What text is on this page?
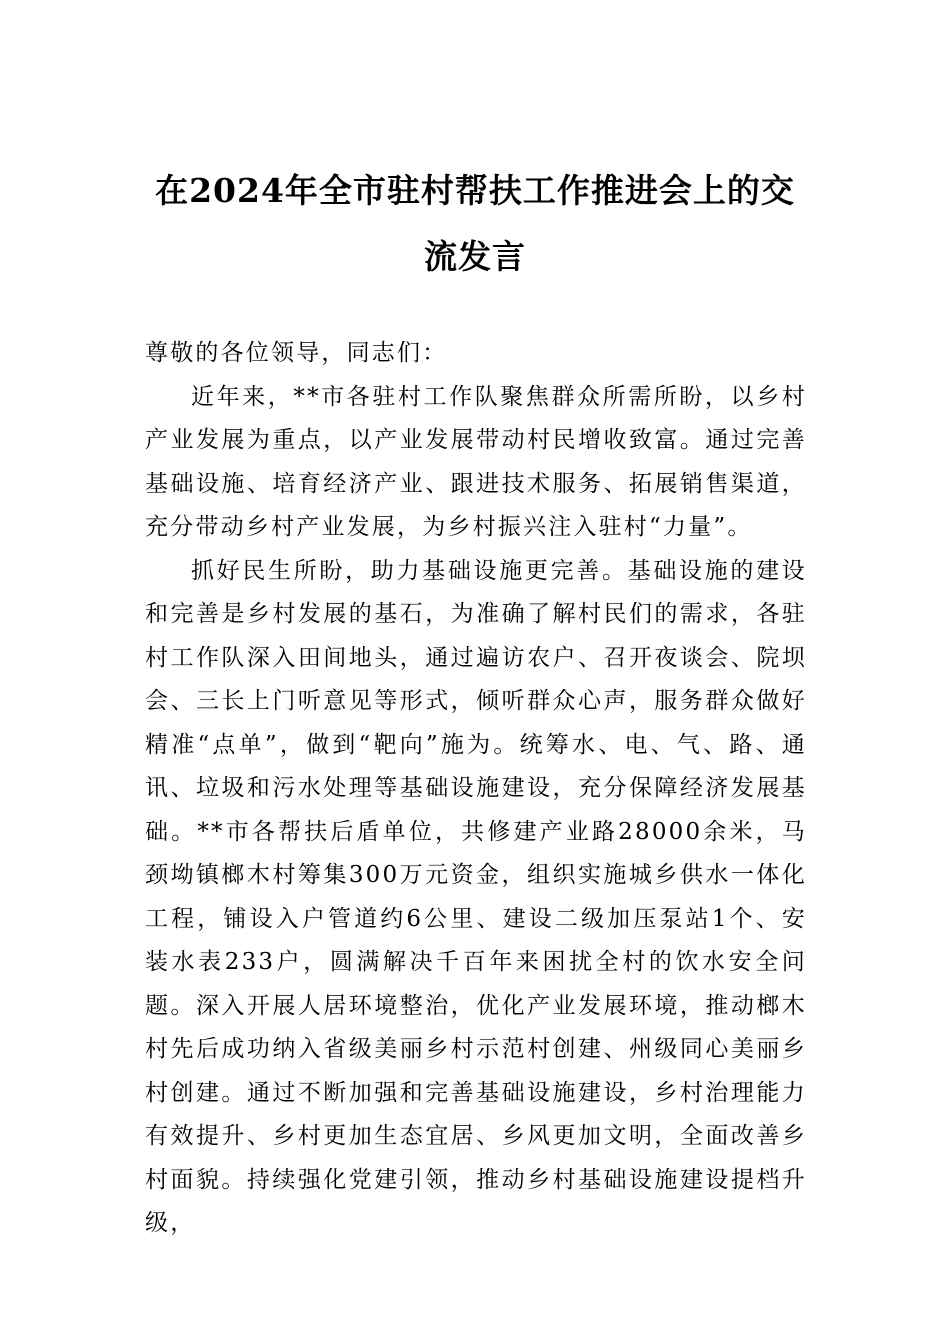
在2024年全市驻村帮扶工作推进会上的交流发言

尊敬的各位领导，同志们：

近年来，**市各驻村工作队聚焦群众所需所盼，以乡村产业发展为重点，以产业发展带动村民增收致富。通过完善基础设施、培育经济产业、跟进技术服务、拓展销售渠道，充分带动乡村产业发展，为乡村振兴注入驻村“力量”。

抓好民生所盼，助力基础设施更完善。基础设施的建设和完善是乡村发展的基石，为准确了解村民们的需求，各驻村工作队深入田间地头，通过遍访农户、召开夜谈会、院坝会、三长上门听意见等形式，倾听群众心声，服务群众做好精准“点单”，做到“靶向”施为。统筹水、电、气、路、通讯、垃圾和污水处理等基础设施建设，充分保障经济发展基础。**市各帮扶后盾单位，共修建产业路28000余米，马颈坳镇榔木村筹集300万元资金，组织实施城乡供水一体化工程，铺设入户管道约6公里、建设二级加压泵站1个、安装水表233户，圆满解决千百年来困扰全村的饮水安全问题。深入开展人居环境整治，优化产业发展环境，推动榔木村先后成功纳入省级美丽乡村示范村创建、州级同心美丽乡村创建。通过不断加强和完善基础设施建设，乡村治理能力有效提升、乡村更加生态宜居、乡风更加文明，全面改善乡村面貌。持续强化党建引领，推动乡村基础设施建设提档升级，
